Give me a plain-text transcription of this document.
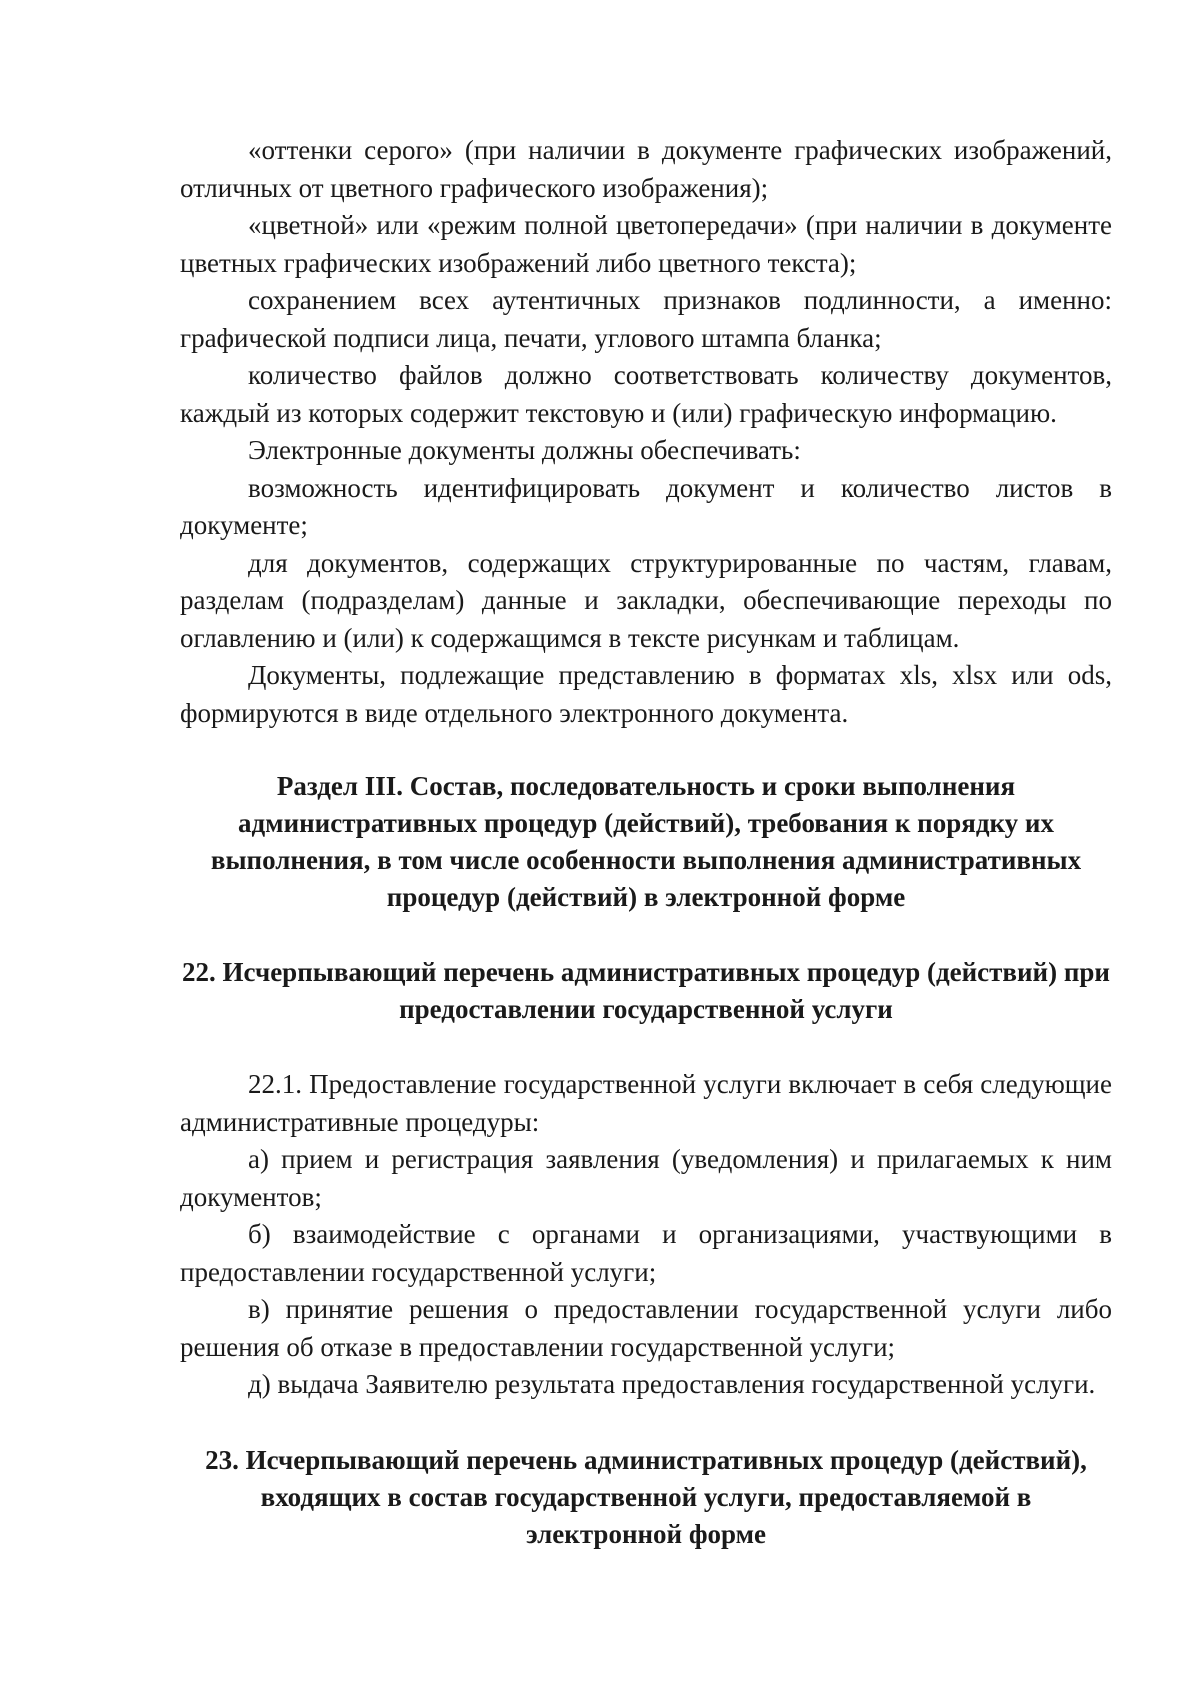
«оттенки серого» (при наличии в документе графических изображений, отличных от цветного графического изображения);

«цветной» или «режим полной цветопередачи» (при наличии в документе цветных графических изображений либо цветного текста);

сохранением всех аутентичных признаков подлинности, а именно: графической подписи лица, печати, углового штампа бланка;

количество файлов должно соответствовать количеству документов, каждый из которых содержит текстовую и (или) графическую информацию.

Электронные документы должны обеспечивать:

возможность идентифицировать документ и количество листов в документе;

для документов, содержащих структурированные по частям, главам, разделам (подразделам) данные и закладки, обеспечивающие переходы по оглавлению и (или) к содержащимся в тексте рисункам и таблицам.

Документы, подлежащие представлению в форматах xls, xlsx или ods, формируются в виде отдельного электронного документа.

Раздел III. Состав, последовательность и сроки выполнения административных процедур (действий), требования к порядку их выполнения, в том числе особенности выполнения административных процедур (действий) в электронной форме

22. Исчерпывающий перечень административных процедур (действий) при предоставлении государственной услуги

22.1. Предоставление государственной услуги включает в себя следующие административные процедуры:

а) прием и регистрация заявления (уведомления) и прилагаемых к ним документов;

б) взаимодействие с органами и организациями, участвующими в предоставлении государственной услуги;

в) принятие решения о предоставлении государственной услуги либо решения об отказе в предоставлении государственной услуги;

д) выдача Заявителю результата предоставления государственной услуги.

23. Исчерпывающий перечень административных процедур (действий), входящих в состав государственной услуги, предоставляемой в электронной форме
